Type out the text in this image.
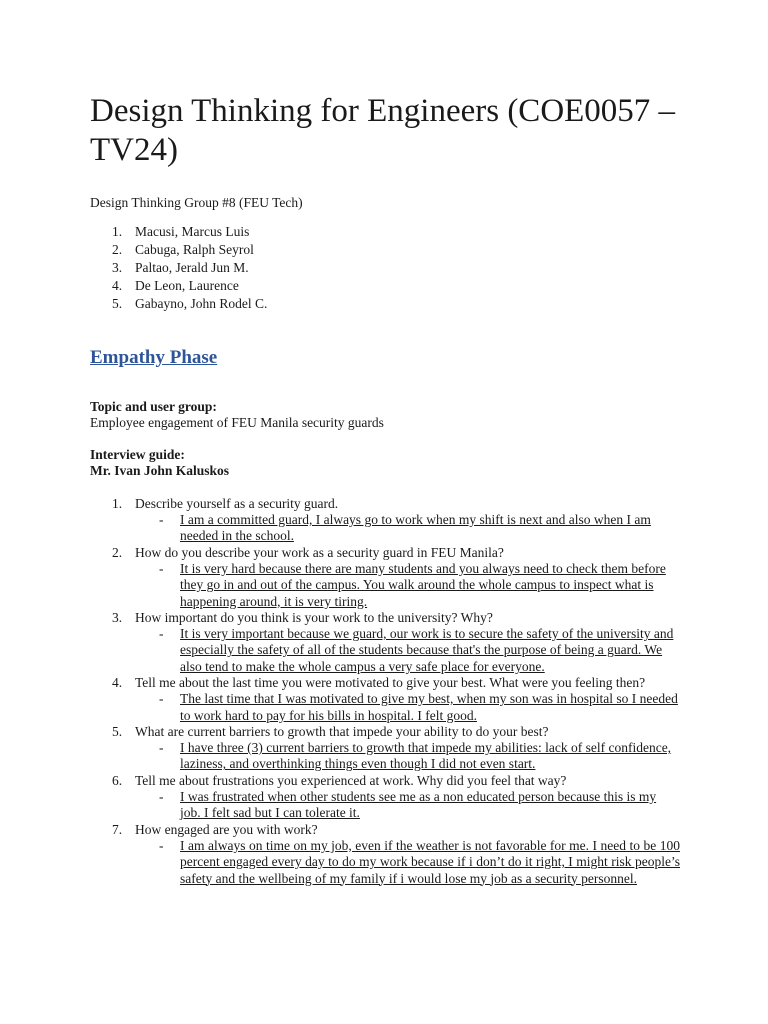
Design Thinking for Engineers (COE0057 – TV24)
Design Thinking Group #8 (FEU Tech)
1. Macusi, Marcus Luis
2. Cabuga, Ralph Seyrol
3. Paltao, Jerald Jun M.
4. De Leon, Laurence
5. Gabayno, John Rodel C.
Empathy Phase
Topic and user group:
Employee engagement of FEU Manila security guards
Interview guide:
Mr. Ivan John Kaluskos
1. Describe yourself as a security guard.
- I am a committed guard, I always go to work when my shift is next and also when I am needed in the school.
2. How do you describe your work as a security guard in FEU Manila?
- It is very hard because there are many students and you always need to check them before they go in and out of the campus. You walk around the whole campus to inspect what is happening around, it is very tiring.
3. How important do you think is your work to the university? Why?
- It is very important because we guard, our work is to secure the safety of the university and especially the safety of all of the students because that's the purpose of being a guard. We also tend to make the whole campus a very safe place for everyone.
4. Tell me about the last time you were motivated to give your best. What were you feeling then?
- The last time that I was motivated to give my best, when my son was in hospital so I needed to work hard to pay for his bills in hospital. I felt good.
5. What are current barriers to growth that impede your ability to do your best?
- I have three (3) current barriers to growth that impede my abilities: lack of self confidence, laziness, and overthinking things even though I did not even start.
6. Tell me about frustrations you experienced at work. Why did you feel that way?
- I was frustrated when other students see me as a non educated person because this is my job. I felt sad but I can tolerate it.
7. How engaged are you with work?
- I am always on time on my job, even if the weather is not favorable for me. I need to be 100 percent engaged every day to do my work because if i don’t do it right, I might risk people’s safety and the wellbeing of my family if i would lose my job as a security personnel.
